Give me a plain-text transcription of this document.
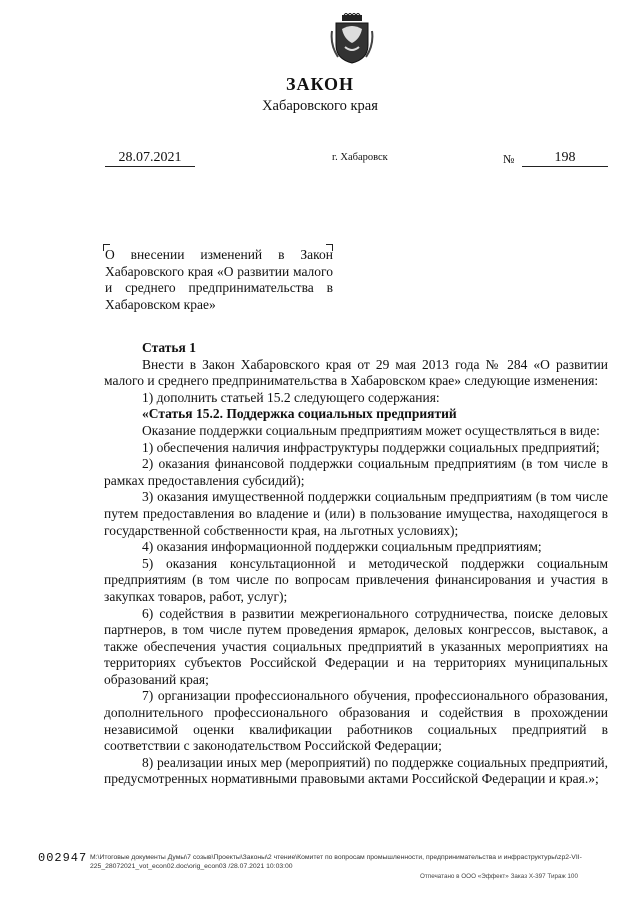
ЗАКОН
Хабаровского края
28.07.2021	г. Хабаровск	№	198
О внесении изменений в Закон Хабаровского края «О развитии малого и среднего предпринимательства в Хабаровском крае»

Статья 1

Внести в Закон Хабаровского края от 29 мая 2013 года № 284 «О развитии малого и среднего предпринимательства в Хабаровском крае» следующие изменения:

1) дополнить статьей 15.2 следующего содержания:

«Статья 15.2. Поддержка социальных предприятий

Оказание поддержки социальным предприятиям может осуществляться в виде:

1) обеспечения наличия инфраструктуры поддержки социальных предприятий;

2) оказания финансовой поддержки социальным предприятиям (в том числе в рамках предоставления субсидий);

3) оказания имущественной поддержки социальным предприятиям (в том числе путем предоставления во владение и (или) в пользование имущества, находящегося в государственной собственности края, на льготных условиях);

4) оказания информационной поддержки социальным предприятиям;

5) оказания консультационной и методической поддержки социальным предприятиям (в том числе по вопросам привлечения финансирования и участия в закупках товаров, работ, услуг);

6) содействия в развитии межрегионального сотрудничества, поиске деловых партнеров, в том числе путем проведения ярмарок, деловых конгрессов, выставок, а также обеспечения участия социальных предприятий в указанных мероприятиях на территориях субъектов Российской Федерации и на территориях муниципальных образований края;

7) организации профессионального обучения, профессионального образования, дополнительного профессионального образования и содействия в прохождении независимой оценки квалификации работников социальных предприятий в соответствии с законодательством Российской Федерации;

8) реализации иных мер (мероприятий) по поддержке социальных предприятий, предусмотренных нормативными правовыми актами Российской Федерации и края.»;

002947 М:\Итоговые документы Думы\7 созыв\Проекты\Законы\2 чтение\Комитет по вопросам промышленности, предпринимательства и инфраструктуры\zp2-VII-225_28072021_vot_econ02.doc\orig_econ03 /28.07.2021 10:03:00
Отпечатано в ООО «Эффект» Заказ Х-397 Тираж 100
